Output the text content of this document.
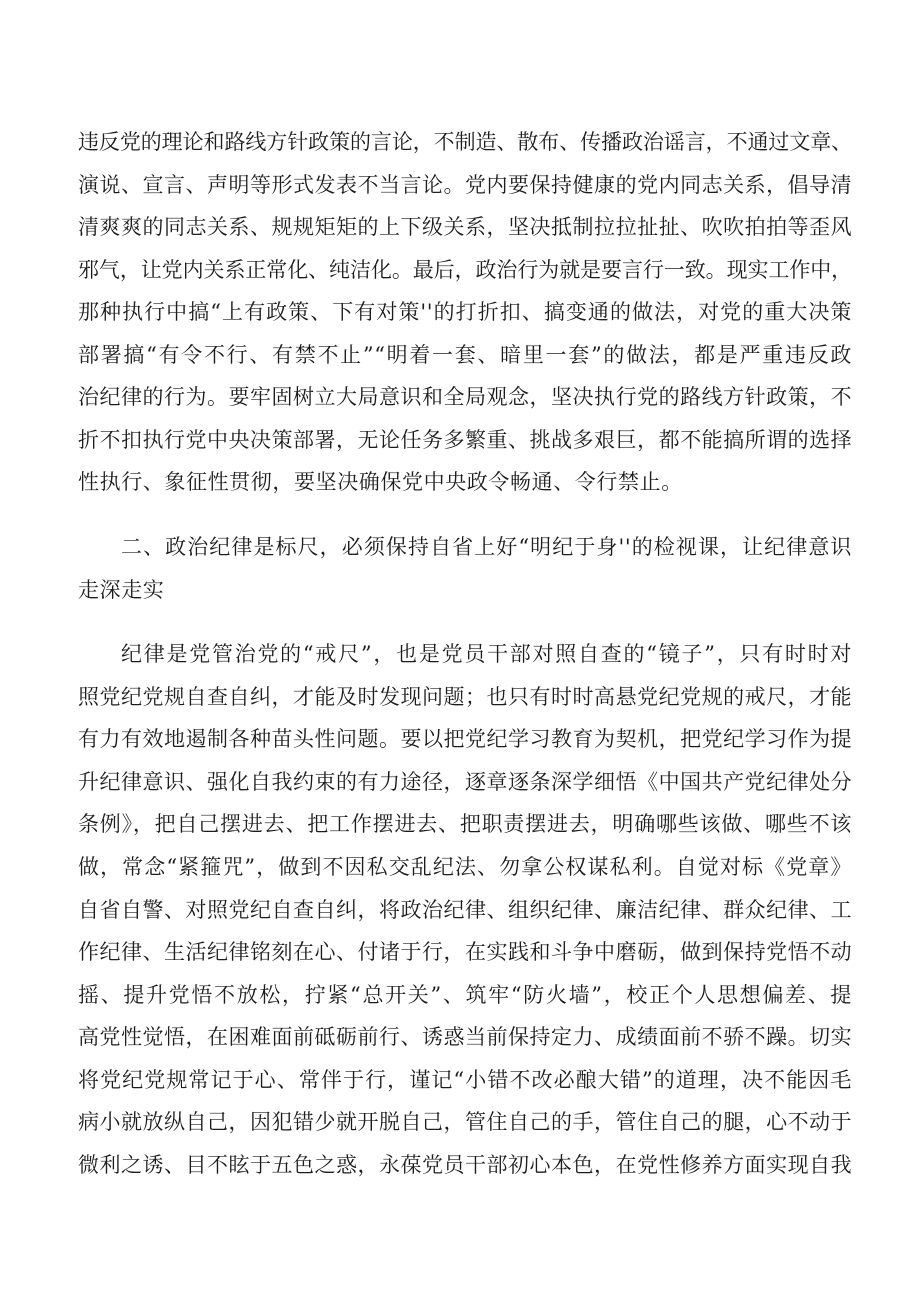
违反党的理论和路线方针政策的言论，不制造、散布、传播政治谣言，不通过文章、

演说、宣言、声明等形式发表不当言论。党内要保持健康的党内同志关系，倡导清

清爽爽的同志关系、规规矩矩的上下级关系，坚决抵制拉拉扯扯、吹吹拍拍等歪风

邪气，让党内关系正常化、纯洁化。最后，政治行为就是要言行一致。现实工作中，

那种执行中搞“上有政策、下有对策''的打折扣、搞变通的做法，对党的重大决策

部署搞“有令不行、有禁不止”“明着一套、暗里一套”的做法，都是严重违反政

治纪律的行为。要牢固树立大局意识和全局观念，坚决执行党的路线方针政策，不

折不扣执行党中央决策部署，无论任务多繁重、挑战多艰巨，都不能搞所谓的选择

性执行、象征性贯彻，要坚决确保党中央政令畅通、令行禁止。

二、政治纪律是标尺，必须保持自省上好“明纪于身''的检视课，让纪律意识

走深走实

纪律是党管治党的“戒尺”，也是党员干部对照自查的“镜子”，只有时时对

照党纪党规自查自纠，才能及时发现问题；也只有时时高悬党纪党规的戒尺，才能

有力有效地遏制各种苗头性问题。要以把党纪学习教育为契机，把党纪学习作为提

升纪律意识、强化自我约束的有力途径，逐章逐条深学细悟《中国共产党纪律处分

条例》，把自己摆进去、把工作摆进去、把职责摆进去，明确哪些该做、哪些不该

做，常念“紧箍咒”，做到不因私交乱纪法、勿拿公权谋私利。自觉对标《党章》

自省自警、对照党纪自查自纠，将政治纪律、组织纪律、廉洁纪律、群众纪律、工

作纪律、生活纪律铭刻在心、付诸于行，在实践和斗争中磨砺，做到保持党悟不动

摇、提升党悟不放松，拧紧“总开关”、筑牢“防火墙”，校正个人思想偏差、提

高党性觉悟，在困难面前砥砺前行、诱惑当前保持定力、成绩面前不骄不躁。切实

将党纪党规常记于心、常伴于行，谨记“小错不改必酿大错”的道理，决不能因毛

病小就放纵自己，因犯错少就开脱自己，管住自己的手，管住自己的腿，心不动于

微利之诱、目不眩于五色之惑，永葆党员干部初心本色，在党性修养方面实现自我
